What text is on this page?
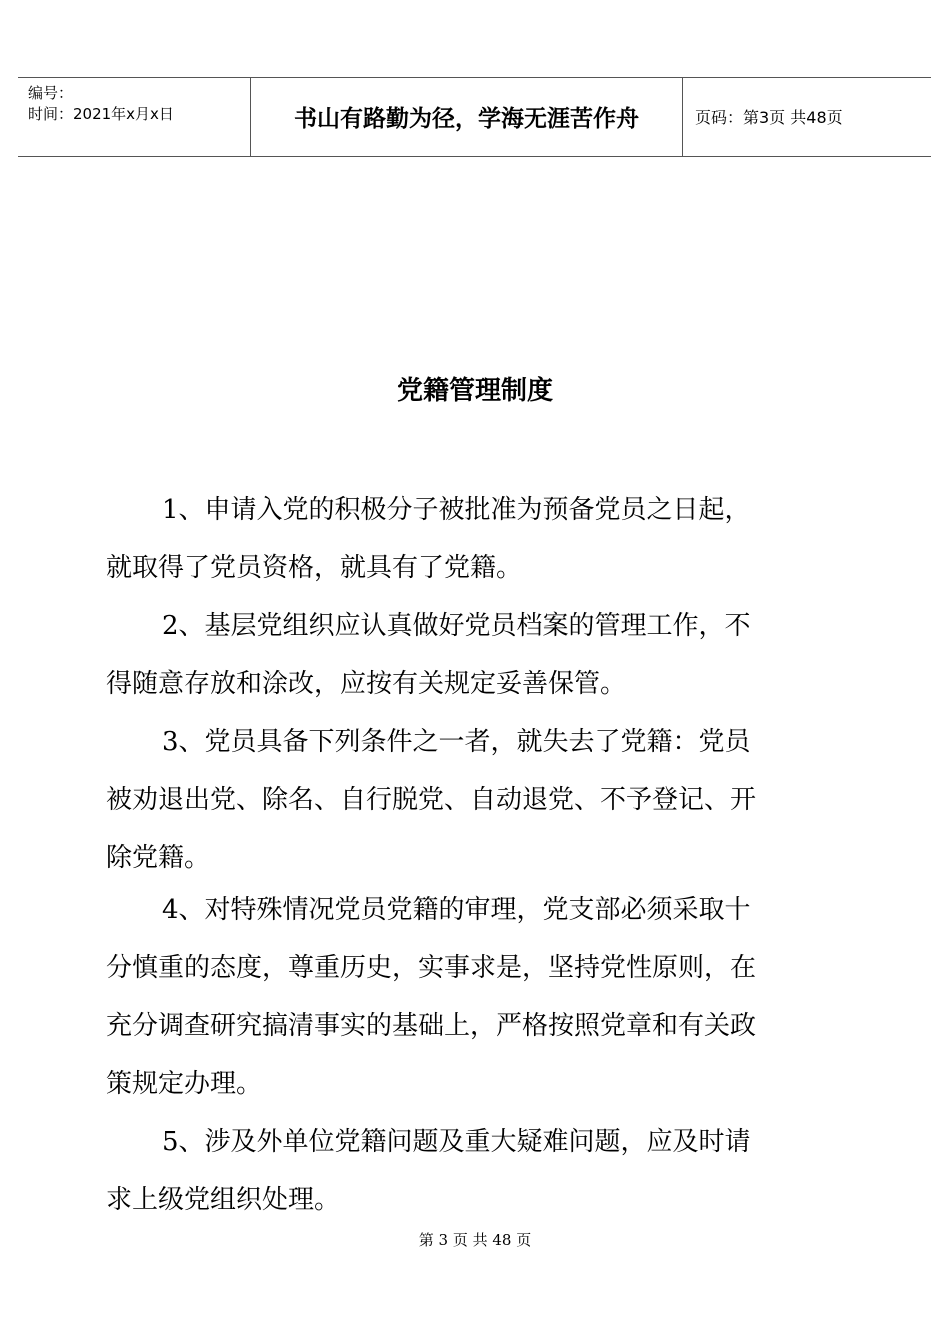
编号：
时间：2021年x月x日	书山有路勤为径，学海无涯苦作舟	页码：第3页 共48页
党籍管理制度
1、申请入党的积极分子被批准为预备党员之日起，
就取得了党员资格，就具有了党籍。
2、基层党组织应认真做好党员档案的管理工作，不
得随意存放和涂改，应按有关规定妥善保管。
3、党员具备下列条件之一者，就失去了党籍：党员
被劝退出党、除名、自行脱党、自动退党、不予登记、开
除党籍。
4、对特殊情况党员党籍的审理，党支部必须采取十
分慎重的态度，尊重历史，实事求是，坚持党性原则，在
充分调查研究搞清事实的基础上，严格按照党章和有关政
策规定办理。
5、涉及外单位党籍问题及重大疑难问题，应及时请
求上级党组织处理。
第 3 页 共 48 页
